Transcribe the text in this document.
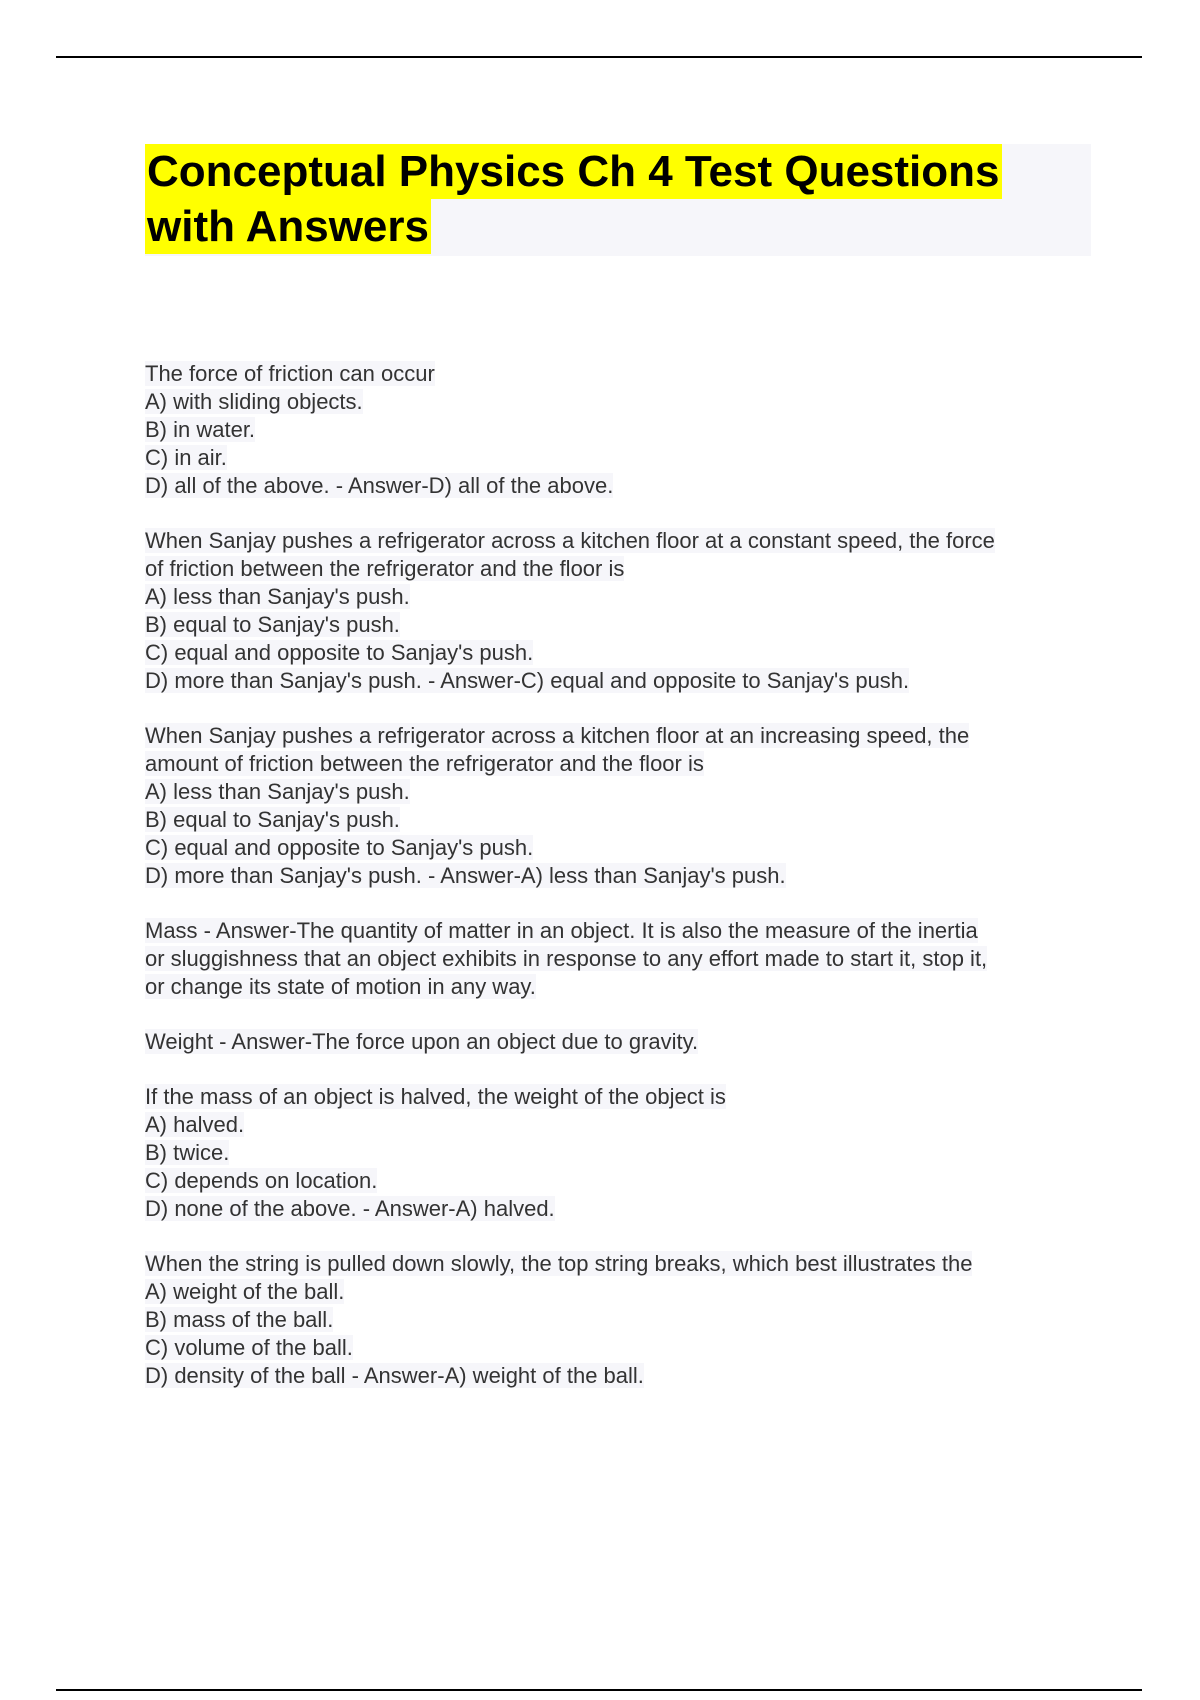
Conceptual Physics Ch 4 Test Questions
with Answers
The force of friction can occur
A) with sliding objects.
B) in water.
C) in air.
D) all of the above. - Answer-D) all of the above.
When Sanjay pushes a refrigerator across a kitchen floor at a constant speed, the force
of friction between the refrigerator and the floor is
A) less than Sanjay's push.
B) equal to Sanjay's push.
C) equal and opposite to Sanjay's push.
D) more than Sanjay's push. - Answer-C) equal and opposite to Sanjay's push.
When Sanjay pushes a refrigerator across a kitchen floor at an increasing speed, the
amount of friction between the refrigerator and the floor is
A) less than Sanjay's push.
B) equal to Sanjay's push.
C) equal and opposite to Sanjay's push.
D) more than Sanjay's push. - Answer-A) less than Sanjay's push.
Mass - Answer-The quantity of matter in an object. It is also the measure of the inertia
or sluggishness that an object exhibits in response to any effort made to start it, stop it,
or change its state of motion in any way.
Weight - Answer-The force upon an object due to gravity.
If the mass of an object is halved, the weight of the object is
A) halved.
B) twice.
C) depends on location.
D) none of the above. - Answer-A) halved.
When the string is pulled down slowly, the top string breaks, which best illustrates the
A) weight of the ball.
B) mass of the ball.
C) volume of the ball.
D) density of the ball - Answer-A) weight of the ball.
